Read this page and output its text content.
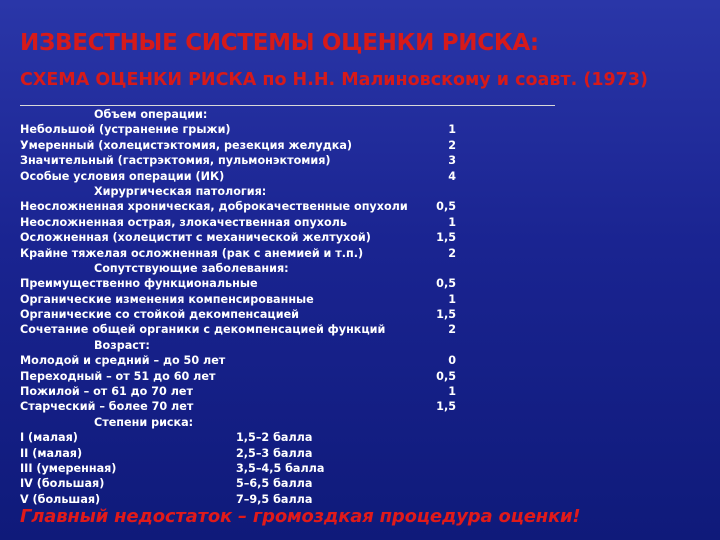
ИЗВЕСТНЫЕ СИСТЕМЫ ОЦЕНКИ РИСКА:
СХЕМА ОЦЕНКИ РИСКА по Н.Н. Малиновскому и соавт. (1973)
Объем операции:
Небольшой (устранение грыжи)	1
Умеренный (холецистэктомия, резекция желудка)	2
Значительный (гастрэктомия, пульмонэктомия)	3
Особые условия операции (ИК)	4
Хирургическая патология:
Неосложненная хроническая, доброкачественные опухоли	0,5
Неосложненная острая, злокачественная опухоль	1
Осложненная (холецистит с механической желтухой)	1,5
Крайне тяжелая осложненная (рак с анемией и т.п.)	2
Сопутствующие заболевания:
Преимущественно функциональные	0,5
Органические изменения компенсированные	1
Органические со стойкой декомпенсацией	1,5
Сочетание общей органики с декомпенсацией функций	2
Возраст:
Молодой и средний – до 50 лет	0
Переходный – от 51 до 60 лет	0,5
Пожилой – от 61 до 70 лет	1
Старческий – более 70 лет	1,5
Степени риска:
I (малая)	1,5–2 балла
II (малая)	2,5–3 балла
III (умеренная)	3,5–4,5 балла
IV (большая)	5–6,5 балла
V (большая)	7–9,5 балла
Главный недостаток – громоздкая процедура оценки!
